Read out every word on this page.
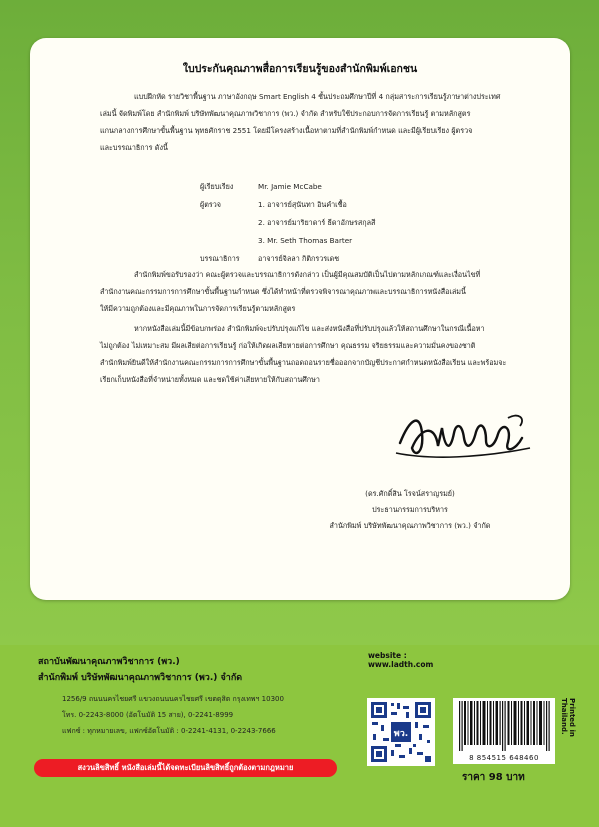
ใบประกันคุณภาพสื่อการเรียนรู้ของสำนักพิมพ์เอกชน
แบบฝึกหัด รายวิชาพื้นฐาน ภาษาอังกฤษ Smart English 4 ชั้นประถมศึกษาปีที่ 4 กลุ่มสาระการเรียนรู้ภาษาต่างประเทศ
เล่มนี้ จัดพิมพ์โดย สำนักพิมพ์ บริษัทพัฒนาคุณภาพวิชาการ (พว.) จำกัด สำหรับใช้ประกอบการจัดการเรียนรู้ ตามหลักสูตร
แกนกลางการศึกษาขั้นพื้นฐาน พุทธศักราช 2551 โดยมีโครงสร้างเนื้อหาตามที่สำนักพิมพ์กำหนด และมีผู้เรียบเรียง ผู้ตรวจ
และบรรณาธิการ ดังนี้
ผู้เรียบเรียง	Mr. Jamie McCabe
ผู้ตรวจ	1. อาจารย์สุนันทา อินคำเชื้อ
2. อาจารย์มาริยาดาร์ ธีดาอักษรสกุลสี
3. Mr. Seth Thomas Barter
บรรณาธิการ	อาจารย์จิลลา กิติกรวรเดช
สำนักพิมพ์ขอรับรองว่า คณะผู้ตรวจและบรรณาธิการดังกล่าว เป็นผู้มีคุณสมบัติเป็นไปตามหลักเกณฑ์และเงื่อนไขที่
สำนักงานคณะกรรมการการศึกษาขั้นพื้นฐานกำหนด ซึ่งได้ทำหน้าที่ตรวจพิจารณาคุณภาพและบรรณาธิการหนังสือเล่มนี้
ให้มีความถูกต้องและมีคุณภาพในการจัดการเรียนรู้ตามหลักสูตร
หากหนังสือเล่มนี้มีข้อบกพร่อง สำนักพิมพ์จะปรับปรุงแก้ไข และส่งหนังสือที่ปรับปรุงแล้วให้สถานศึกษาในกรณีเนื้อหา
ไม่ถูกต้อง ไม่เหมาะสม มีผลเสียต่อการเรียนรู้ ก่อให้เกิดผลเสียหายต่อการศึกษา คุณธรรม จริยธรรมและความมั่นคงของชาติ
สำนักพิมพ์ยินดีให้สำนักงานคณะกรรมการการศึกษาขั้นพื้นฐานถอดถอนรายชื่อออกจากบัญชีประกาศกำหนดหนังสือเรียน และพร้อมจะ
เรียกเก็บหนังสือที่จำหน่ายทั้งหมด และชดใช้ค่าเสียหายให้กับสถานศึกษา
(ดร.ศักดิ์สิน โรจน์สราญรมย์)
ประธานกรรมการบริหาร
สำนักพิมพ์ บริษัทพัฒนาคุณภาพวิชาการ (พว.) จำกัด
สถาบันพัฒนาคุณภาพวิชาการ (พว.)
สำนักพิมพ์ บริษัทพัฒนาคุณภาพวิชาการ (พว.) จำกัด
1256/9 ถนนนครไชยศรี แขวงถนนนครไชยศรี เขตดุสิต กรุงเทพฯ 10300
โทร. 0-2243-8000 (อัตโนมัติ 15 สาย), 0-2241-8999
แฟกซ์ : ทุกหมายเลข, แฟกซ์อัตโนมัติ : 0-2241-4131, 0-2243-7666
สงวนลิขสิทธิ์ หนังสือเล่มนี้ได้จดทะเบียนลิขสิทธิ์ถูกต้องตามกฎหมาย
website :
www.ladth.com
พว.
8 854515 648460
Printed in Thailand.
ราคา 98 บาท
